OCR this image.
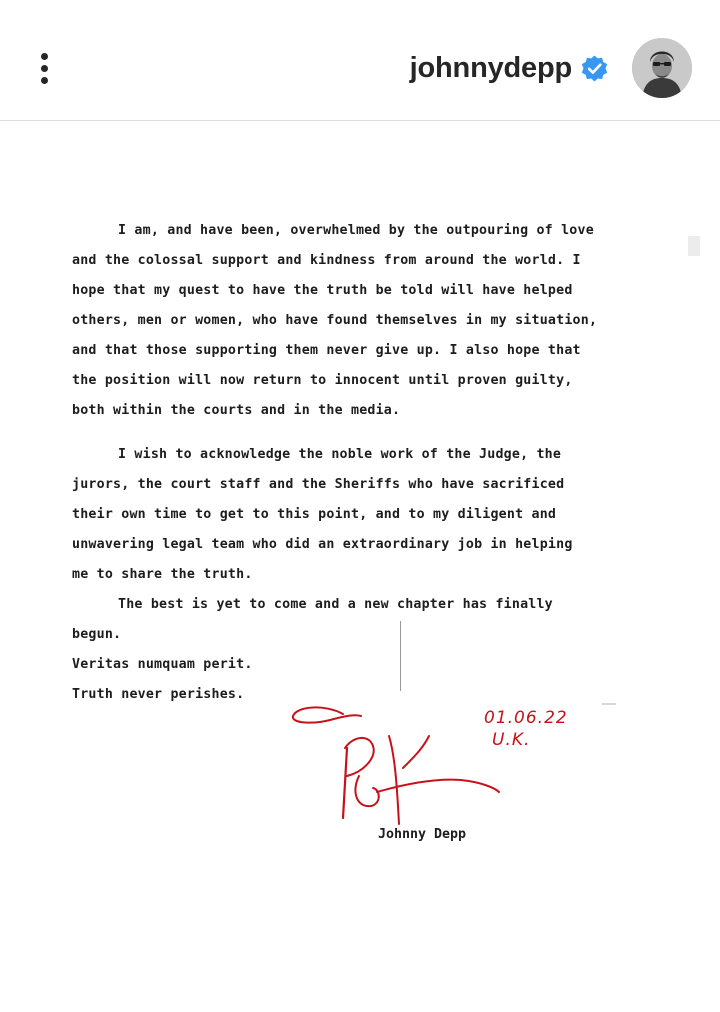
johnnydepp

I am, and have been, overwhelmed by the outpouring of love

and the colossal support and kindness from around the world. I

hope that my quest to have the truth be told will have helped

others, men or women, who have found themselves in my situation,

and that those supporting them never give up. I also hope that

the position will now return to innocent until proven guilty,

both within the courts and in the media.

I wish to acknowledge the noble work of the Judge, the

jurors, the court staff and the Sheriffs who have sacrificed

their own time to get to this point, and to my diligent and

unwavering legal team who did an extraordinary job in helping

me to share the truth.

The best is yet to come and a new chapter has finally

begun.

Veritas numquam perit.

Truth never perishes.

01.06.22
U.K.
Johnny Depp
